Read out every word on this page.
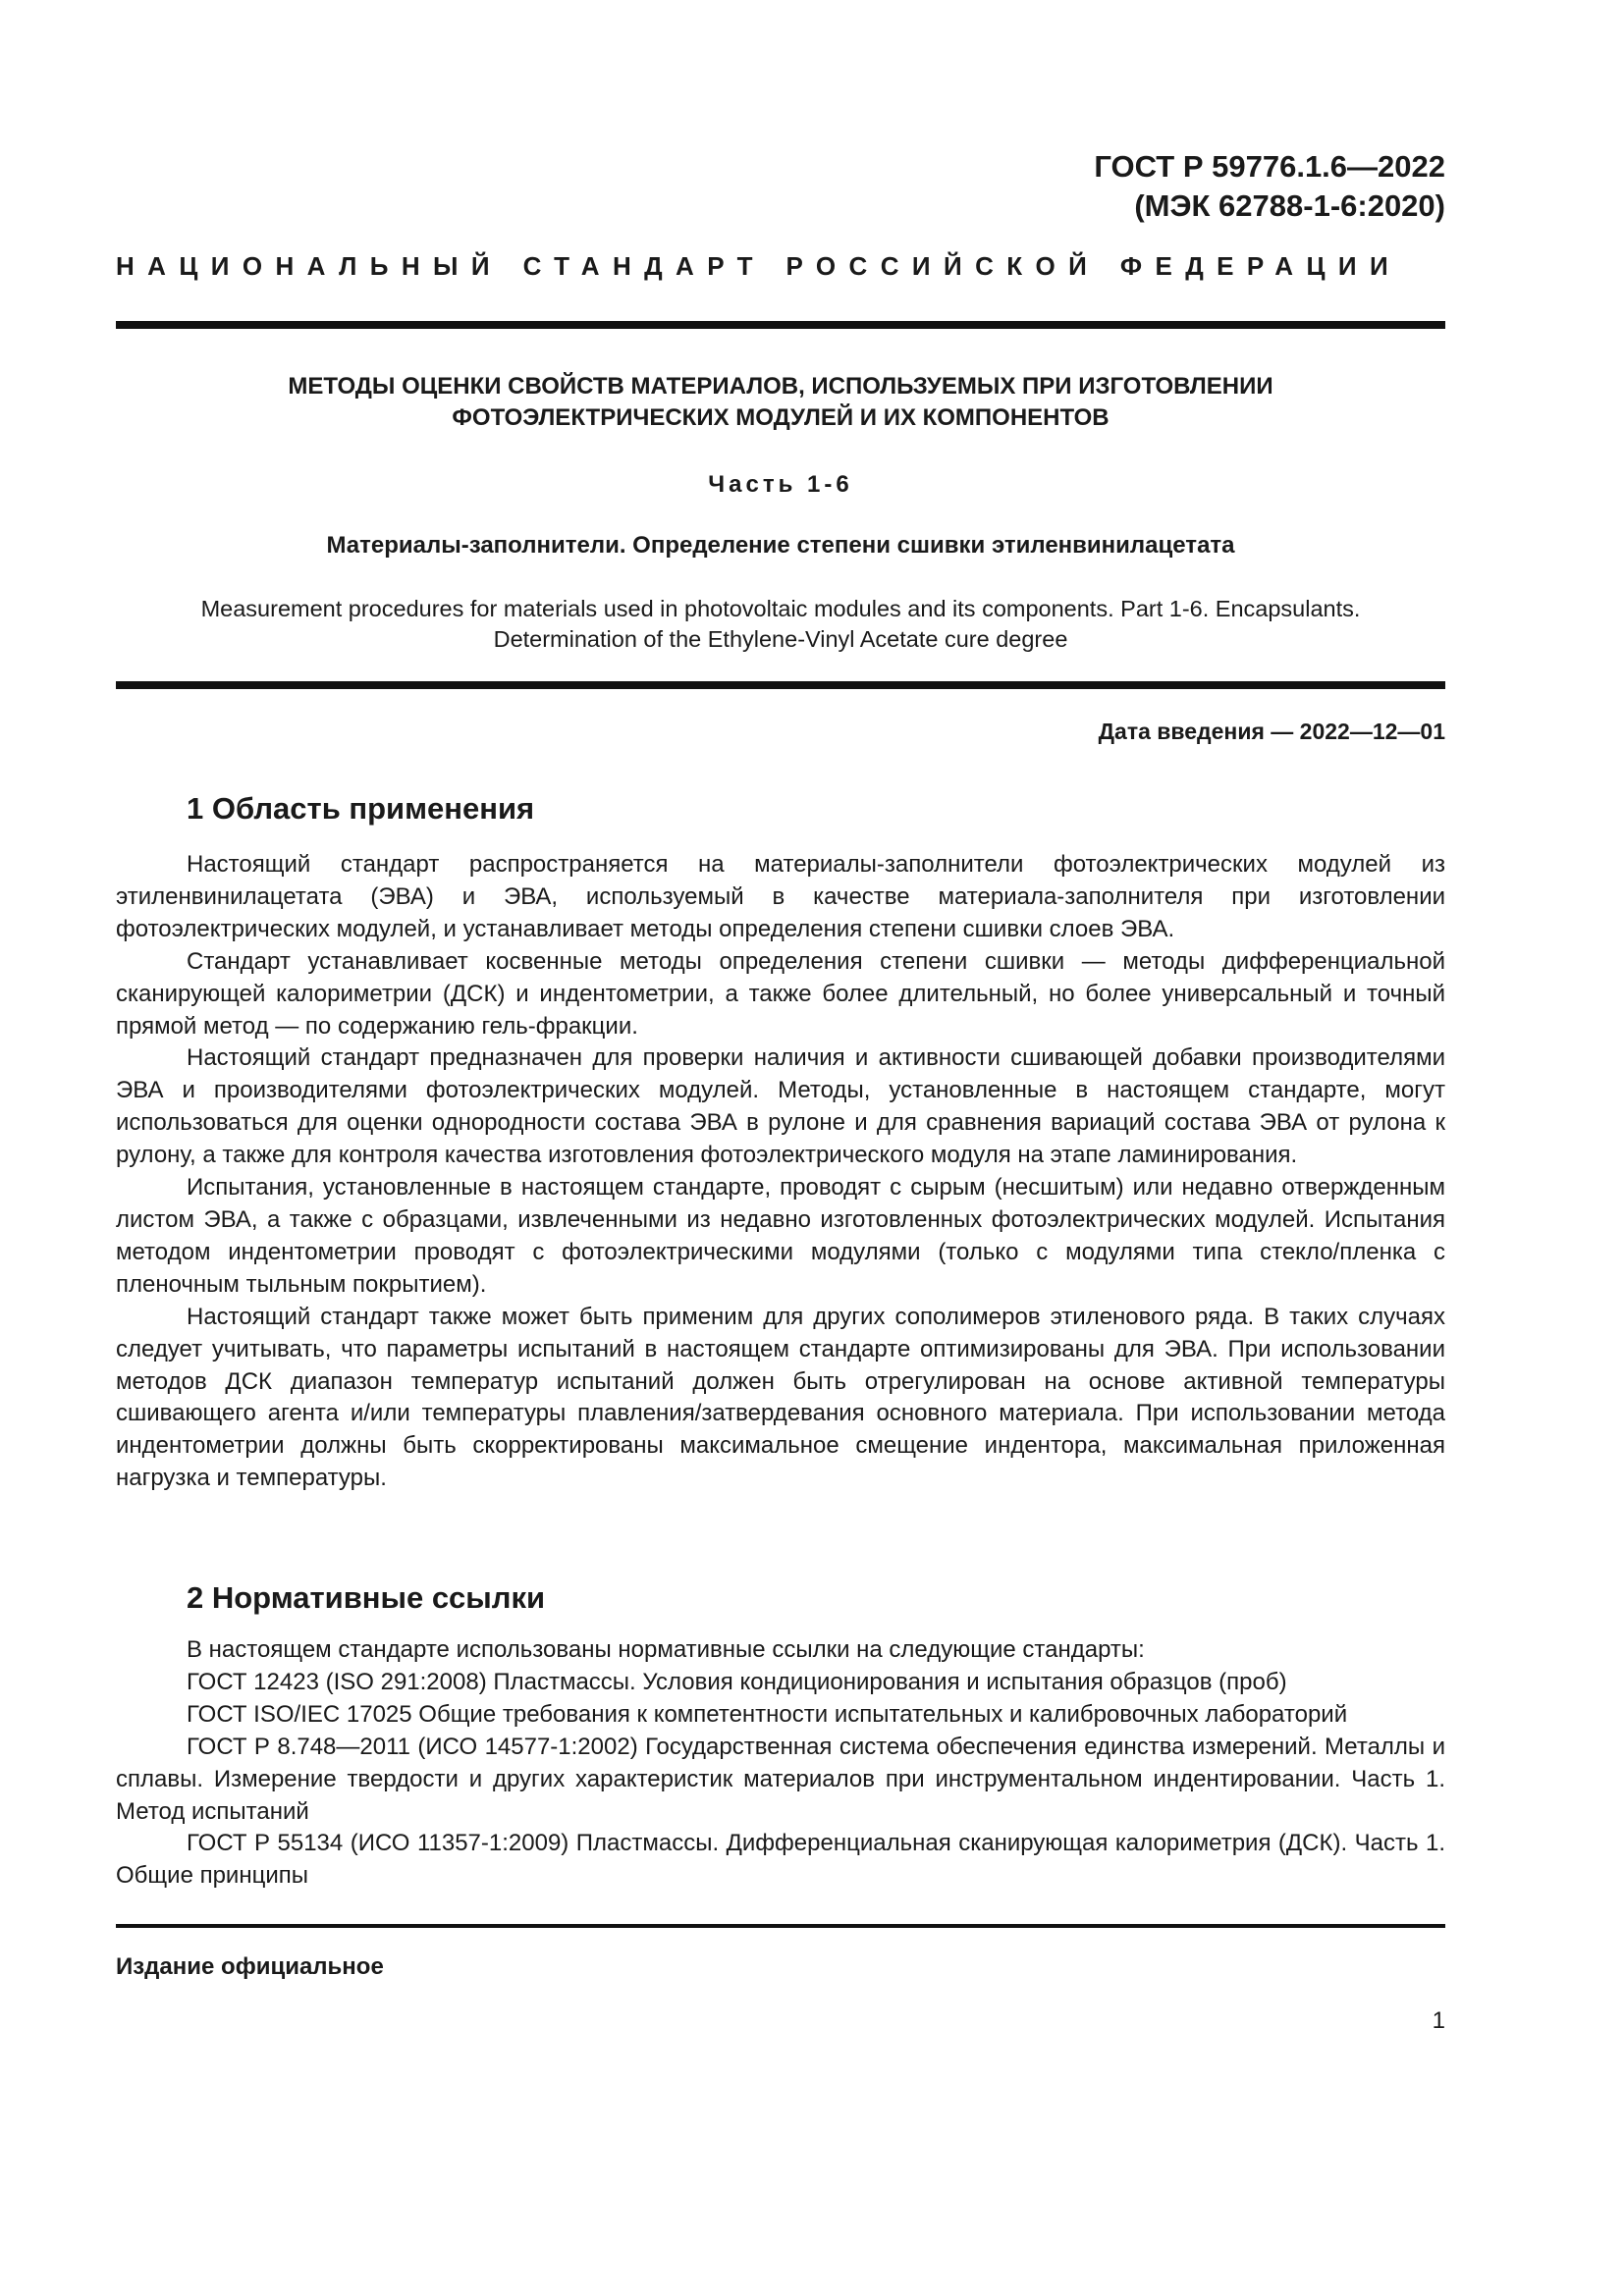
ГОСТ Р 59776.1.6—2022
(МЭК 62788-1-6:2020)
НАЦИОНАЛЬНЫЙ СТАНДАРТ РОССИЙСКОЙ ФЕДЕРАЦИИ
МЕТОДЫ ОЦЕНКИ СВОЙСТВ МАТЕРИАЛОВ, ИСПОЛЬЗУЕМЫХ ПРИ ИЗГОТОВЛЕНИИ
ФОТОЭЛЕКТРИЧЕСКИХ МОДУЛЕЙ И ИХ КОМПОНЕНТОВ
Часть 1-6
Материалы-заполнители. Определение степени сшивки этиленвинилацетата
Measurement procedures for materials used in photovoltaic modules and its components. Part 1-6. Encapsulants.
Determination of the Ethylene-Vinyl Acetate cure degree
Дата введения — 2022—12—01
1 Область применения

Настоящий стандарт распространяется на материалы-заполнители фотоэлектрических модулей из этиленвинилацетата (ЭВА) и ЭВА, используемый в качестве материала-заполнителя при изготовлении фотоэлектрических модулей, и устанавливает методы определения степени сшивки слоев ЭВА.

Стандарт устанавливает косвенные методы определения степени сшивки — методы дифференциальной сканирующей калориметрии (ДСК) и индентометрии, а также более длительный, но более универсальный и точный прямой метод — по содержанию гель-фракции.

Настоящий стандарт предназначен для проверки наличия и активности сшивающей добавки производителями ЭВА и производителями фотоэлектрических модулей. Методы, установленные в настоящем стандарте, могут использоваться для оценки однородности состава ЭВА в рулоне и для сравнения вариаций состава ЭВА от рулона к рулону, а также для контроля качества изготовления фотоэлектрического модуля на этапе ламинирования.

Испытания, установленные в настоящем стандарте, проводят с сырым (несшитым) или недавно отвержденным листом ЭВА, а также с образцами, извлеченными из недавно изготовленных фотоэлектрических модулей. Испытания методом индентометрии проводят с фотоэлектрическими модулями (только с модулями типа стекло/пленка с пленочным тыльным покрытием).

Настоящий стандарт также может быть применим для других сополимеров этиленового ряда. В таких случаях следует учитывать, что параметры испытаний в настоящем стандарте оптимизированы для ЭВА. При использовании методов ДСК диапазон температур испытаний должен быть отрегулирован на основе активной температуры сшивающего агента и/или температуры плавления/затвердевания основного материала. При использовании метода индентометрии должны быть скорректированы максимальное смещение индентора, максимальная приложенная нагрузка и температуры.

2 Нормативные ссылки

В настоящем стандарте использованы нормативные ссылки на следующие стандарты:

ГОСТ 12423 (ISO 291:2008) Пластмассы. Условия кондиционирования и испытания образцов (проб)

ГОСТ ISO/IEC 17025 Общие требования к компетентности испытательных и калибровочных лабораторий

ГОСТ Р 8.748—2011 (ИСО 14577-1:2002) Государственная система обеспечения единства измерений. Металлы и сплавы. Измерение твердости и других характеристик материалов при инструментальном индентировании. Часть 1. Метод испытаний

ГОСТ Р 55134 (ИСО 11357-1:2009) Пластмассы. Дифференциальная сканирующая калориметрия (ДСК). Часть 1. Общие принципы

Издание официальное
1
